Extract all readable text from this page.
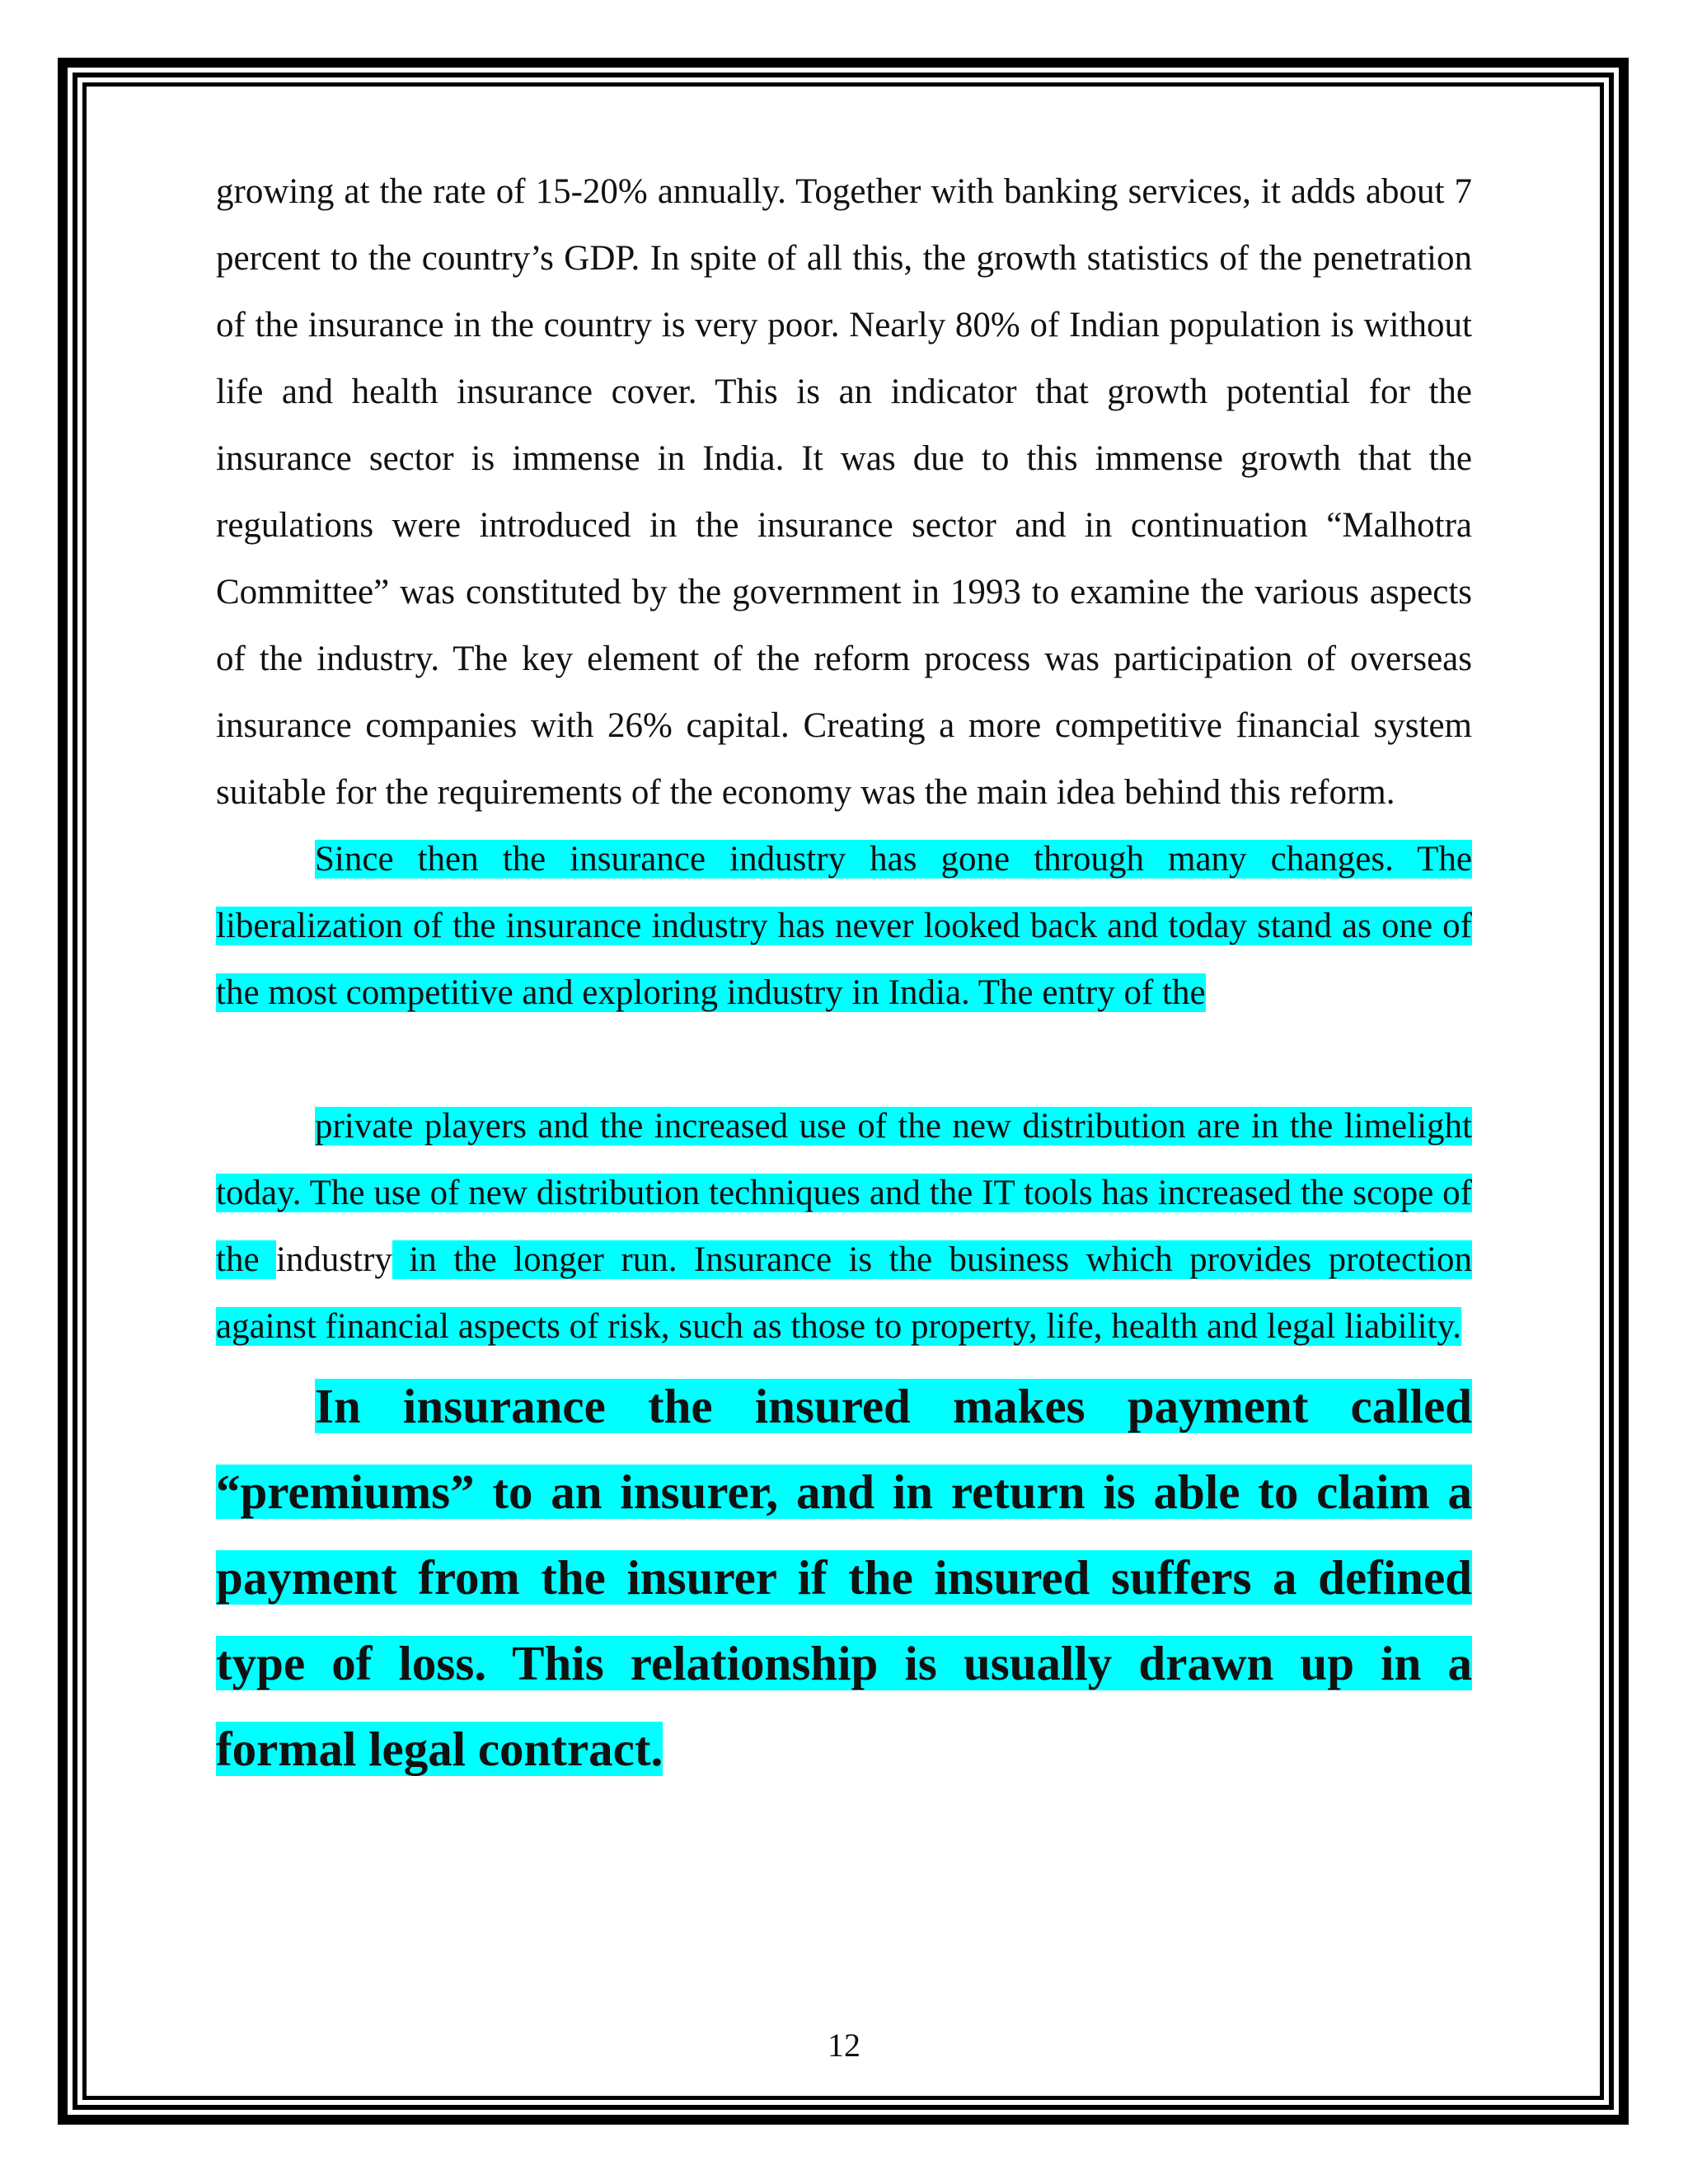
growing at the rate of 15-20% annually. Together with banking services, it adds about 7 percent to the country’s GDP. In spite of all this, the growth statistics of the penetration of the insurance in the country is very poor. Nearly 80% of Indian population is without life and health insurance cover. This is an indicator that growth potential for the insurance sector is immense in India. It was due to this immense growth that the regulations were introduced in the insurance sector and in continuation “Malhotra Committee” was constituted by the government in 1993 to examine the various aspects of the industry. The key element of the reform process was participation of overseas insurance companies with 26% capital. Creating a more competitive financial system suitable for the requirements of the economy was the main idea behind this reform.

Since then the insurance industry has gone through many changes. The liberalization of the insurance industry has never looked back and today stand as one of the most competitive and exploring industry in India. The entry of the

private players and the increased use of the new distribution are in the limelight today. The use of new distribution techniques and the IT tools has increased the scope of the industry in the longer run. Insurance is the business which provides protection against financial aspects of risk, such as those to property, life, health and legal liability.

In insurance the insured makes payment called “premiums” to an insurer, and in return is able to claim a payment from the insurer if the insured suffers a defined type of loss. This relationship is usually drawn up in a formal legal contract.

12
